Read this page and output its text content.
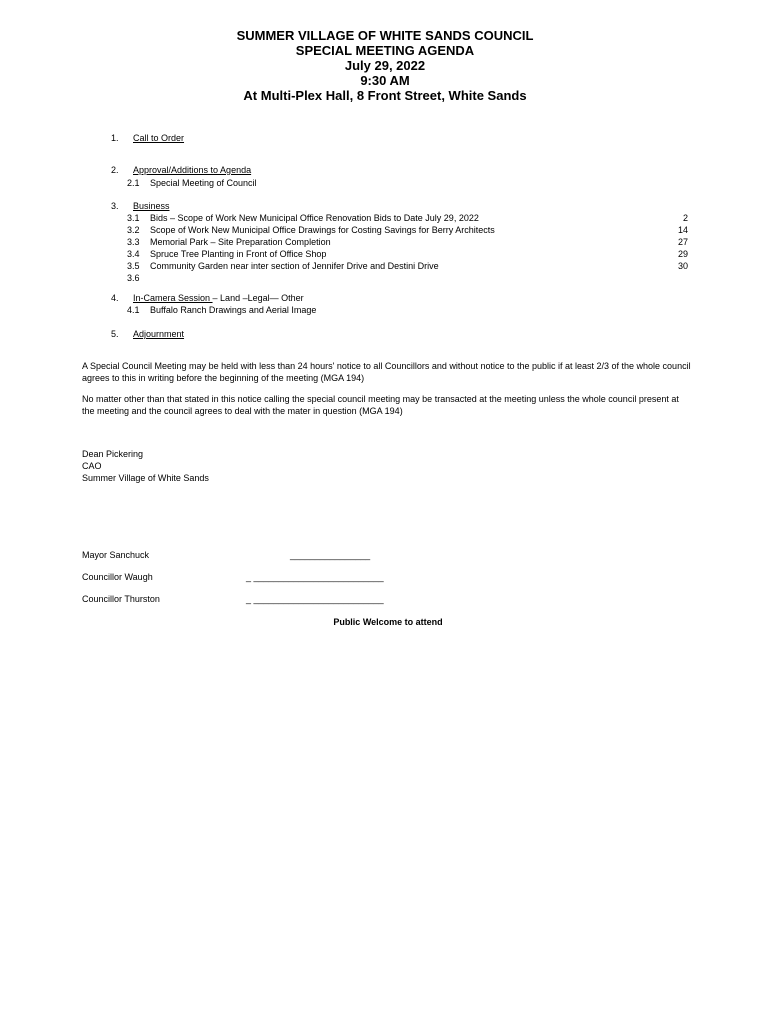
SUMMER VILLAGE OF WHITE SANDS COUNCIL
SPECIAL MEETING AGENDA
July 29, 2022
9:30 AM
At Multi-Plex Hall, 8 Front Street, White Sands
1. Call to Order
2. Approval/Additions to Agenda
2.1 Special Meeting of Council
3. Business
3.1 Bids – Scope of Work New Municipal Office Renovation Bids to Date July 29, 2022	2
3.2 Scope of Work New Municipal Office Drawings for Costing Savings for Berry Architects	14
3.3 Memorial Park – Site Preparation Completion	27
3.4 Spruce Tree Planting in Front of Office Shop	29
3.5 Community Garden near inter section of Jennifer Drive and Destini Drive	30
3.6
4. In-Camera Session – Land –Legal— Other
4.1 Buffalo Ranch Drawings and Aerial Image
5. Adjournment
A Special Council Meeting may be held with less than 24 hours' notice to all Councillors and without notice to the public if at least 2/3 of the whole council agrees to this in writing before the beginning of the meeting (MGA 194)
No matter other than that stated in this notice calling the special council meeting may be transacted at the meeting unless the whole council present at the meeting and the council agrees to deal with the mater in question (MGA 194)
Dean Pickering
CAO
Summer Village of White Sands
Mayor Sanchuck	________________
Councillor Waugh	_ __________________________
Councillor Thurston	_ __________________________
Public Welcome to attend
